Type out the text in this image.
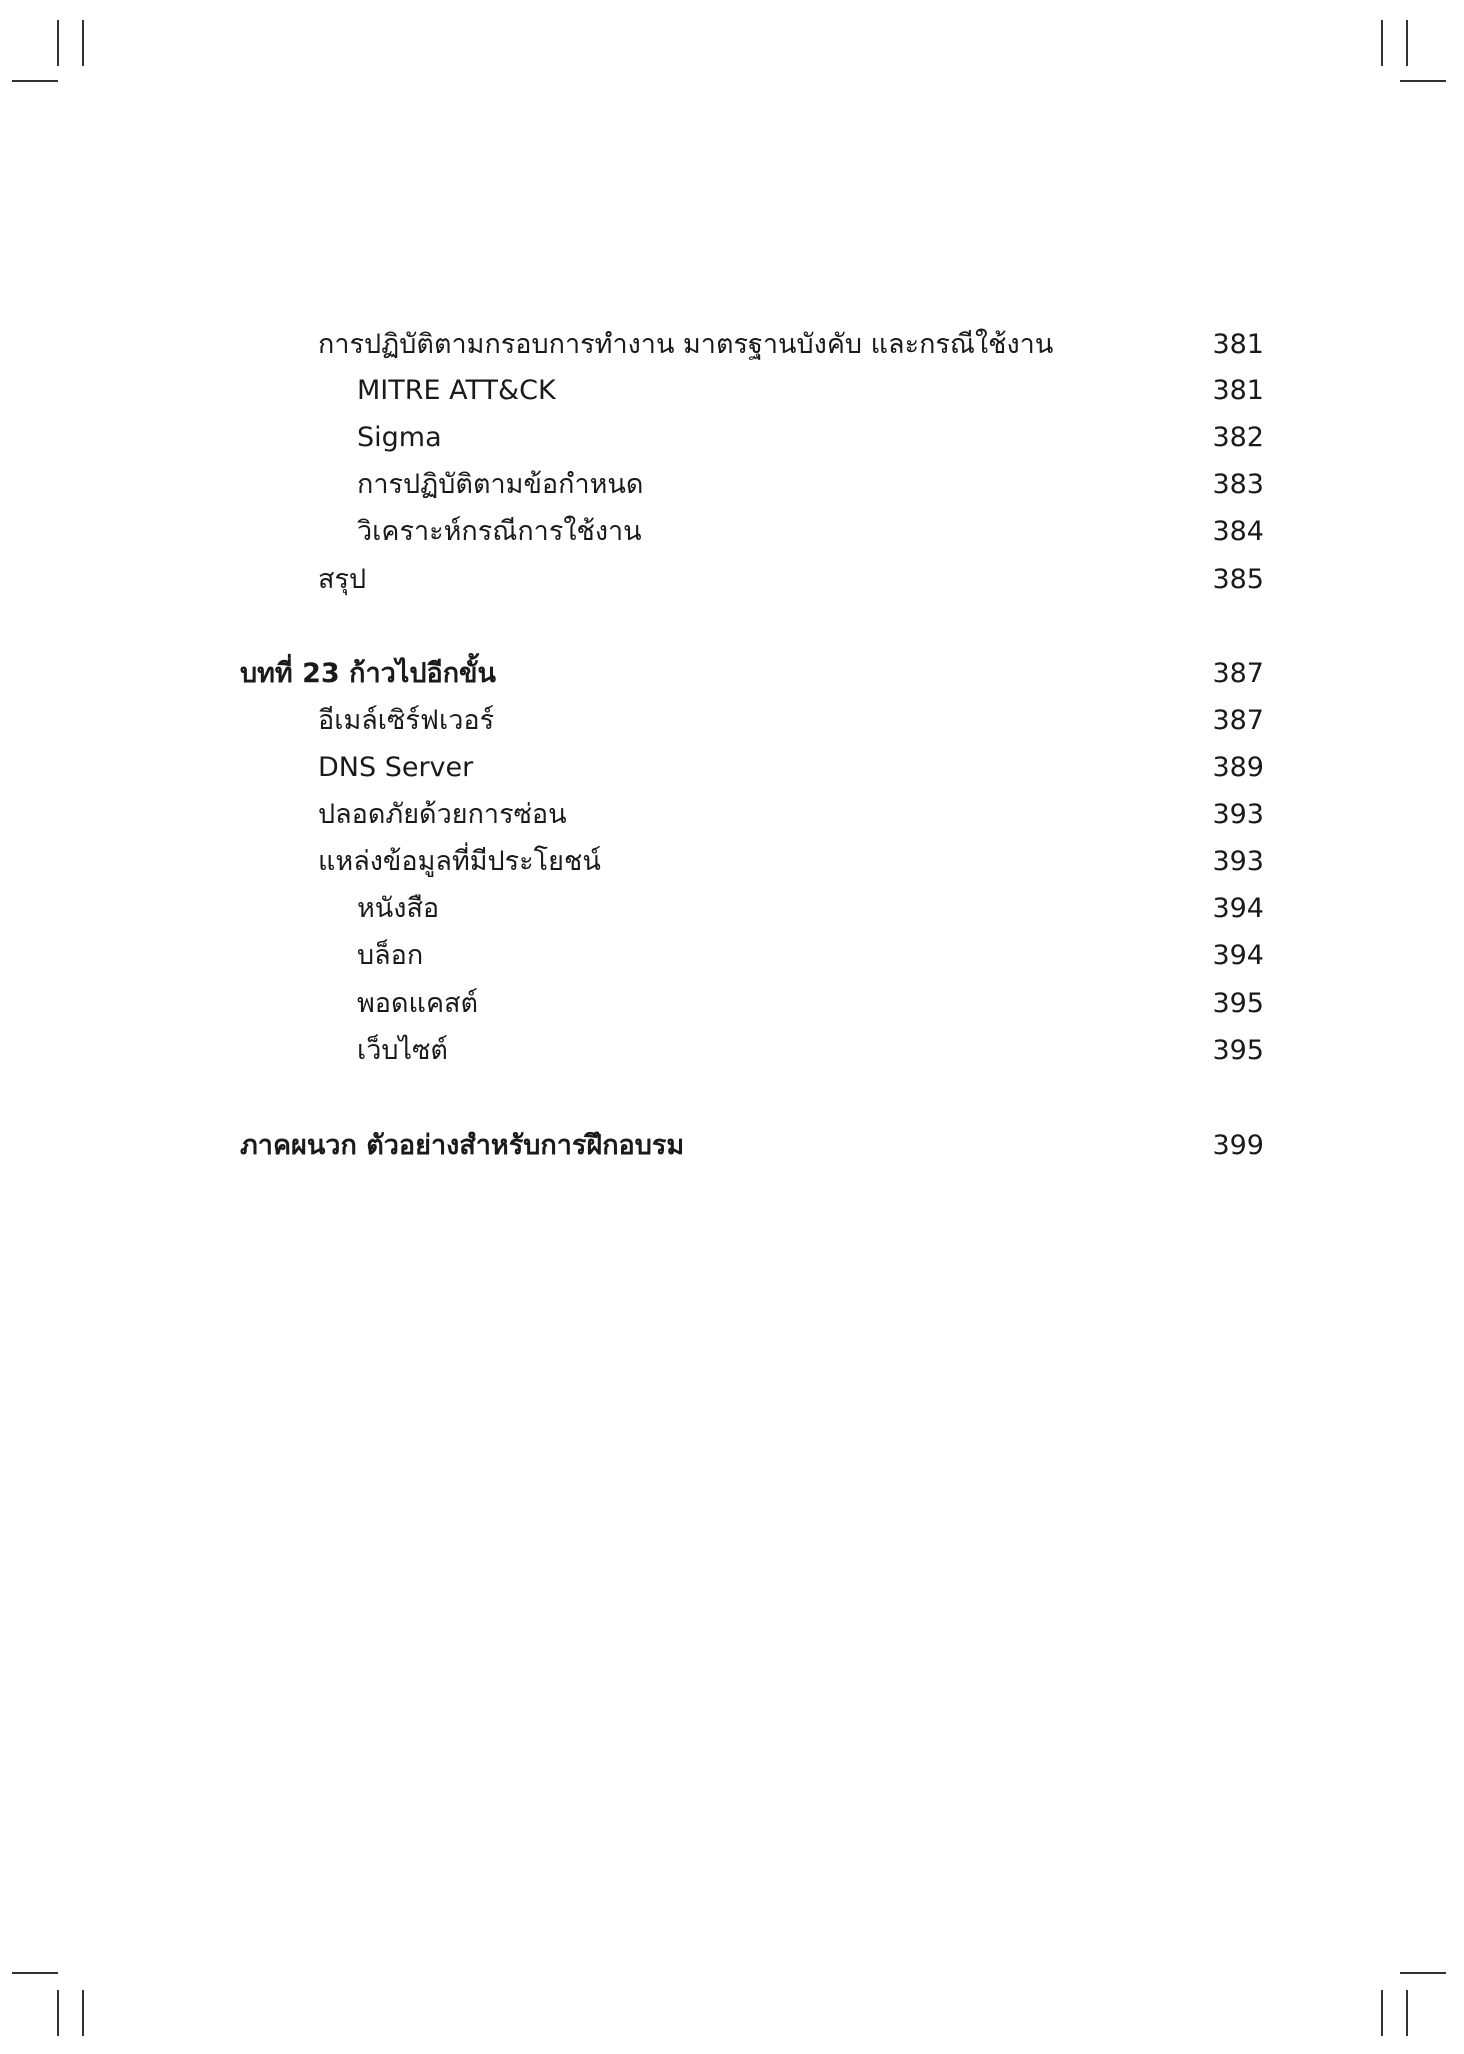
การปฏิบัติตามกรอบการทำงาน มาตรฐานบังคับ และกรณีใช้งาน	381
MITRE ATT&CK	381
Sigma	382
การปฏิบัติตามข้อกำหนด	383
วิเคราะห์กรณีการใช้งาน	384
สรุป	385
บทที่ 23 ก้าวไปอีกขั้น	387
อีเมล์เซิร์ฟเวอร์	387
DNS Server	389
ปลอดภัยด้วยการซ่อน	393
แหล่งข้อมูลที่มีประโยชน์	393
หนังสือ	394
บล็อก	394
พอดแคสต์	395
เว็บไซต์	395
ภาคผนวก ตัวอย่างสำหรับการฝึกอบรม	399
